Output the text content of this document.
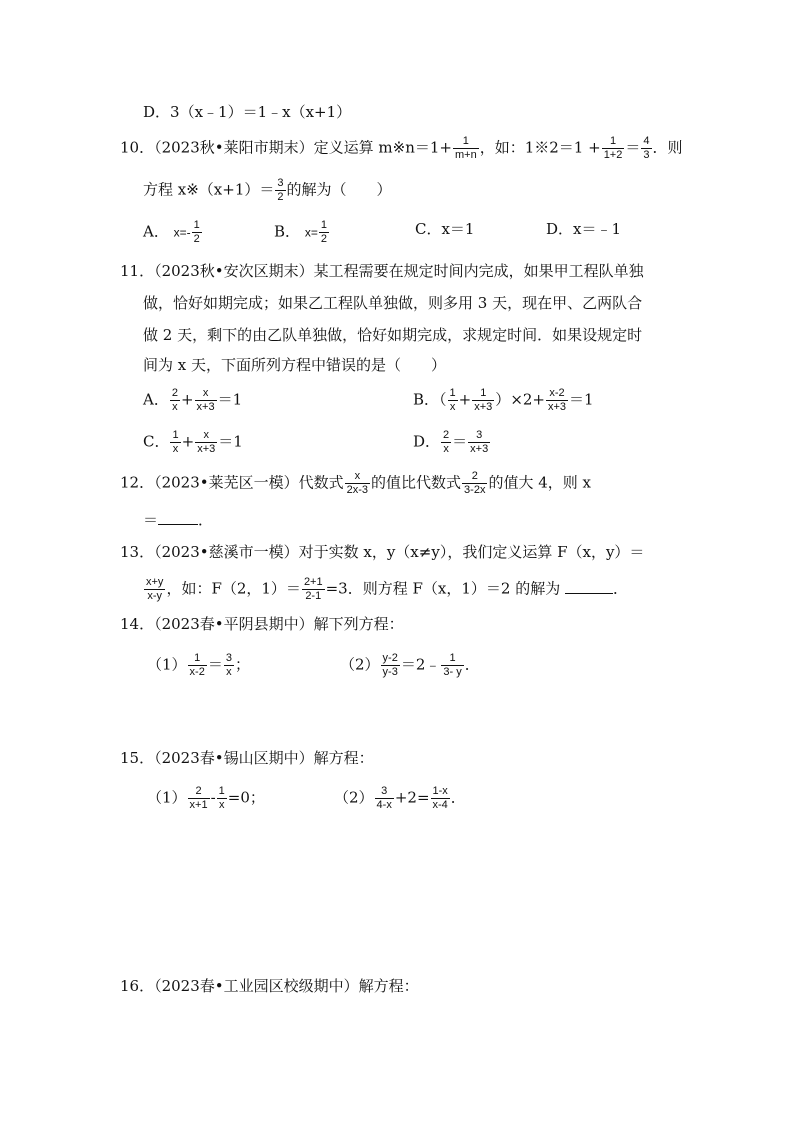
D．3（x﹣1）＝1﹣x（x+1）
10．（2023秋•莱阳市期末）定义运算 m※n＝1+ $\frac{1}{m+n}$ ，如：1※2＝1 + $\frac{1}{1+2} = \frac{4}{3}$ ．则
方程 x※（x+1）＝ $\frac{3}{2}$ 的解为（　　）
A． $x=- \frac{1}{2}$	B． $x= \frac{1}{2}$	C．x＝1	D．x＝﹣1
11．（2023秋•安次区期末）某工程需要在规定时间内完成，如果甲工程队单独
做，恰好如期完成；如果乙工程队单独做，则多用 3 天，现在甲、乙两队合
做 2 天，剩下的由乙队单独做，恰好如期完成，求规定时间．如果设规定时
间为 x 天，下面所列方程中错误的是（　　）
A． $\frac{2}{x} + \frac{x}{x+3} =1$	B．（ $\frac{1}{x} + \frac{1}{x+3} )\times 2+ \frac{x-2}{x+3} =1$
C． $\frac{1}{x} + \frac{x}{x+3} =1$	D． $\frac{2}{x} = \frac{3}{x+3}$
12．（2023•莱芜区一模）代数式 $\frac{x}{2x-3}$ 的值比代数式 $\frac{2}{3-2x}$ 的值大 4，则 x
＝	．
13．（2023•慈溪市一模）对于实数 x，y（x≠y），我们定义运算 F（x，y）＝
$\frac{x+y}{x-y}$ ，如：F（2，$1)= \frac{2+1}{2-1} =3$．则方程 F（x，1）＝2 的解为	．
14．（2023春•平阴县期中）解下列方程：
$(1) \frac{1}{x-2} = \frac{3}{x}$ ；	$(2) \frac{y-2}{y-3}$ ＝2﹣ $\frac{1}{3- y}$ ．
15．（2023春•锡山区期中）解方程：
$(1) \frac{2}{x+1} - \frac{1}{x} =0$；	$(2) \frac{3}{4-x} +2= \frac{1-x}{x-4}$ ．
16．（2023春•工业园区校级期中）解方程：
